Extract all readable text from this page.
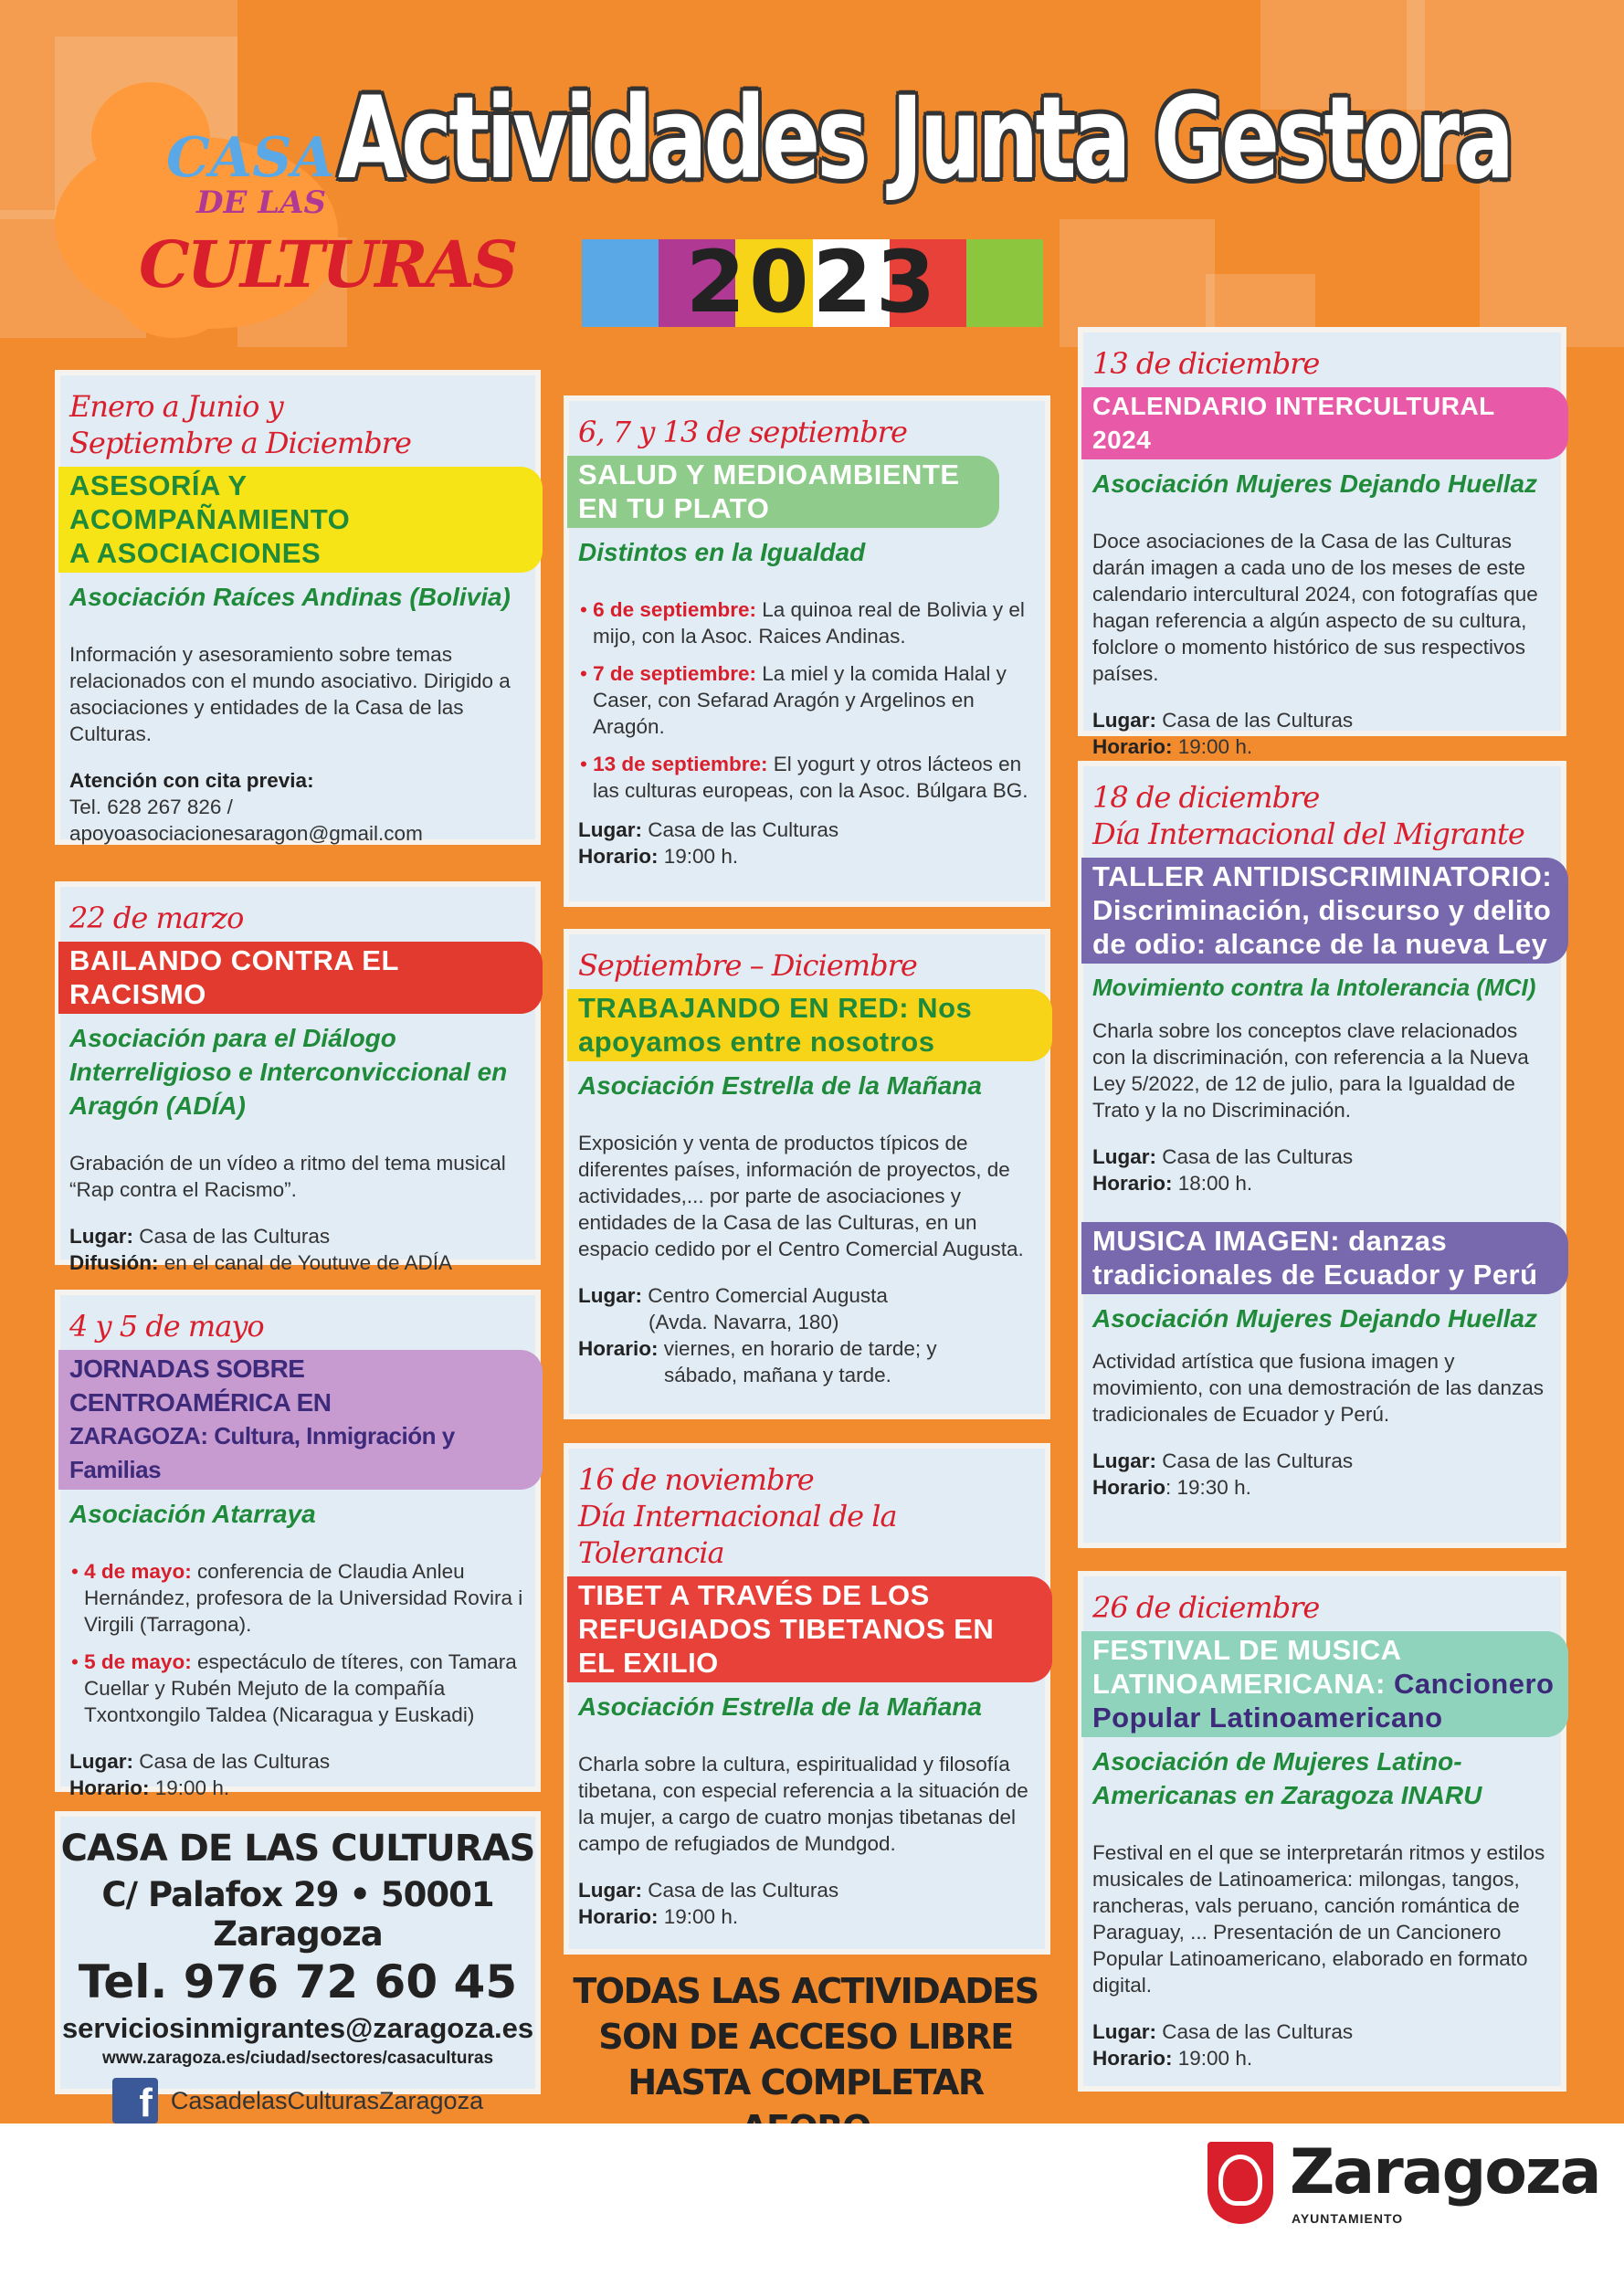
CASA
DE LAS
CULTURAS
Actividades Junta Gestora
2023
Enero a Junio y
Septiembre a Diciembre
ASESORÍA Y ACOMPAÑAMIENTO
A ASOCIACIONES
Asociación Raíces Andinas (Bolivia)
Información y asesoramiento sobre temas relacionados con el mundo asociativo. Dirigido a asociaciones y entidades de la Casa de las Culturas.
Atención con cita previa:
Tel. 628 267 826 /
apoyoasociacionesaragon@gmail.com
22 de marzo
BAILANDO CONTRA EL RACISMO
Asociación para el Diálogo
Interreligioso e Interconviccional en
Aragón (ADÍA)
Grabación de un vídeo a ritmo del tema musical “Rap contra el Racismo”.
Lugar: Casa de las Culturas
Difusión: en el canal de Youtuve de ADÍA
4 y 5 de mayo
JORNADAS SOBRE CENTROAMÉRICA EN
ZARAGOZA: Cultura, Inmigración y Familias
Asociación Atarraya
• 4 de mayo: conferencia de Claudia Anleu Hernández, profesora de la Universidad Rovira i Virgili (Tarragona).
• 5 de mayo: espectáculo de títeres, con Tamara Cuellar y Rubén Mejuto de la compañía Txontxongilo Taldea (Nicaragua y Euskadi)
Lugar: Casa de las Culturas
Horario: 19:00 h.
6, 7 y 13 de septiembre
SALUD Y MEDIOAMBIENTE
EN TU PLATO
Distintos en la Igualdad
• 6 de septiembre: La quinoa real de Bolivia y el mijo, con la Asoc. Raices Andinas.
• 7 de septiembre: La miel y la comida Halal y Caser, con Sefarad Aragón y Argelinos en Aragón.
• 13 de septiembre: El yogurt y otros lácteos en las culturas europeas, con la Asoc. Búlgara BG.
Lugar: Casa de las Culturas
Horario: 19:00 h.
Septiembre – Diciembre
TRABAJANDO EN RED: Nos
apoyamos entre nosotros
Asociación Estrella de la Mañana
Exposición y venta de productos típicos de diferentes países, información de proyectos, de actividades,... por parte de asociaciones y entidades de la Casa de las Culturas, en un espacio cedido por el Centro Comercial Augusta.
Lugar: Centro Comercial Augusta
(Avda. Navarra, 180)
Horario: viernes, en horario de tarde; y
sábado, mañana y tarde.
16 de noviembre
Día Internacional de la
Tolerancia
TIBET A TRAVÉS DE LOS
REFUGIADOS TIBETANOS EN
EL EXILIO
Asociación Estrella de la Mañana
Charla sobre la cultura, espiritualidad y filosofía tibetana, con especial referencia a la situación de la mujer, a cargo de cuatro monjas tibetanas del campo de refugiados de Mundgod.
Lugar: Casa de las Culturas
Horario: 19:00 h.
13 de diciembre
CALENDARIO INTERCULTURAL 2024
Asociación Mujeres Dejando Huellaz
Doce asociaciones de la Casa de las Culturas darán imagen a cada uno de los meses de este calendario intercultural 2024, con fotografías que hagan referencia a algún aspecto de su cultura, folclore o momento histórico de sus respectivos países.
Lugar: Casa de las Culturas
Horario: 19:00 h.
18 de diciembre
Día Internacional del Migrante
TALLER ANTIDISCRIMINATORIO:
Discriminación, discurso y delito
de odio: alcance de la nueva Ley
Movimiento contra la Intolerancia (MCI)
Charla sobre los conceptos clave relacionados con la discriminación, con referencia a la Nueva Ley 5/2022, de 12 de julio, para la Igualdad de Trato y la no Discriminación.
Lugar: Casa de las Culturas
Horario: 18:00 h.
MUSICA IMAGEN: danzas
tradicionales de Ecuador y Perú
Asociación Mujeres Dejando Huellaz
Actividad artística que fusiona imagen y movimiento, con una demostración de las danzas tradicionales de Ecuador y Perú.
Lugar: Casa de las Culturas
Horario: 19:30 h.
26 de diciembre
FESTIVAL DE MUSICA
LATINOAMERICANA: Cancionero
Popular Latinoamericano
Asociación de Mujeres Latino-
Americanas en Zaragoza INARU
Festival en el que se interpretarán ritmos y estilos musicales de Latinoamerica: milongas, tangos, rancheras, vals peruano, canción romántica de Paraguay, ... Presentación de un Cancionero Popular Latinoamericano, elaborado en formato digital.
Lugar: Casa de las Culturas
Horario: 19:00 h.
CASA DE LAS CULTURAS
C/ Palafox 29 • 50001 Zaragoza
Tel. 976 72 60 45
serviciosinmigrantes@zaragoza.es
www.zaragoza.es/ciudad/sectores/casaculturas
f CasadelasCulturasZaragoza
TODAS LAS ACTIVIDADES
SON DE ACCESO LIBRE
HASTA COMPLETAR
Zaragoza
AYUNTAMIENTO
